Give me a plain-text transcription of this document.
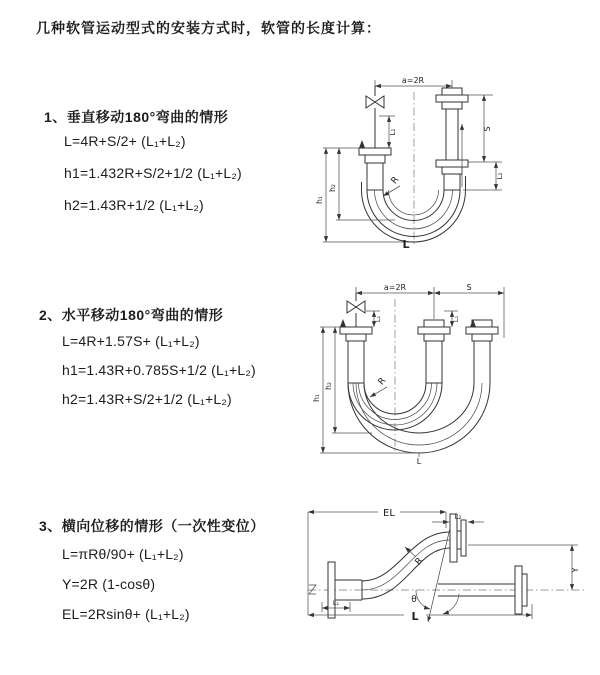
几种软管运动型式的安装方式时，软管的长度计算：
1、垂直移动180°弯曲的情形
L=4R+S/2+ (L₁+L₂)
h1=1.432R+S/2+1/2 (L₁+L₂)
h2=1.43R+1/2 (L₁+L₂)
2、水平移动180°弯曲的情形
L=4R+1.57S+ (L₁+L₂)
h1=1.43R+0.785S+1/2 (L₁+L₂)
h2=1.43R+S/2+1/2 (L₁+L₂)
3、横向位移的情形（一次性变位）
L=πRθ/90+ (L₁+L₂)
Y=2R (1-cosθ)
EL=2Rsinθ+ (L₁+L₂)
a=2R
h₁
h₂
L₁	S
L₂
R
L
a=2R	S
h₁
h₂
L₁	L₂
R
L
EL	L₂
Y
θ
R
L₁
L
